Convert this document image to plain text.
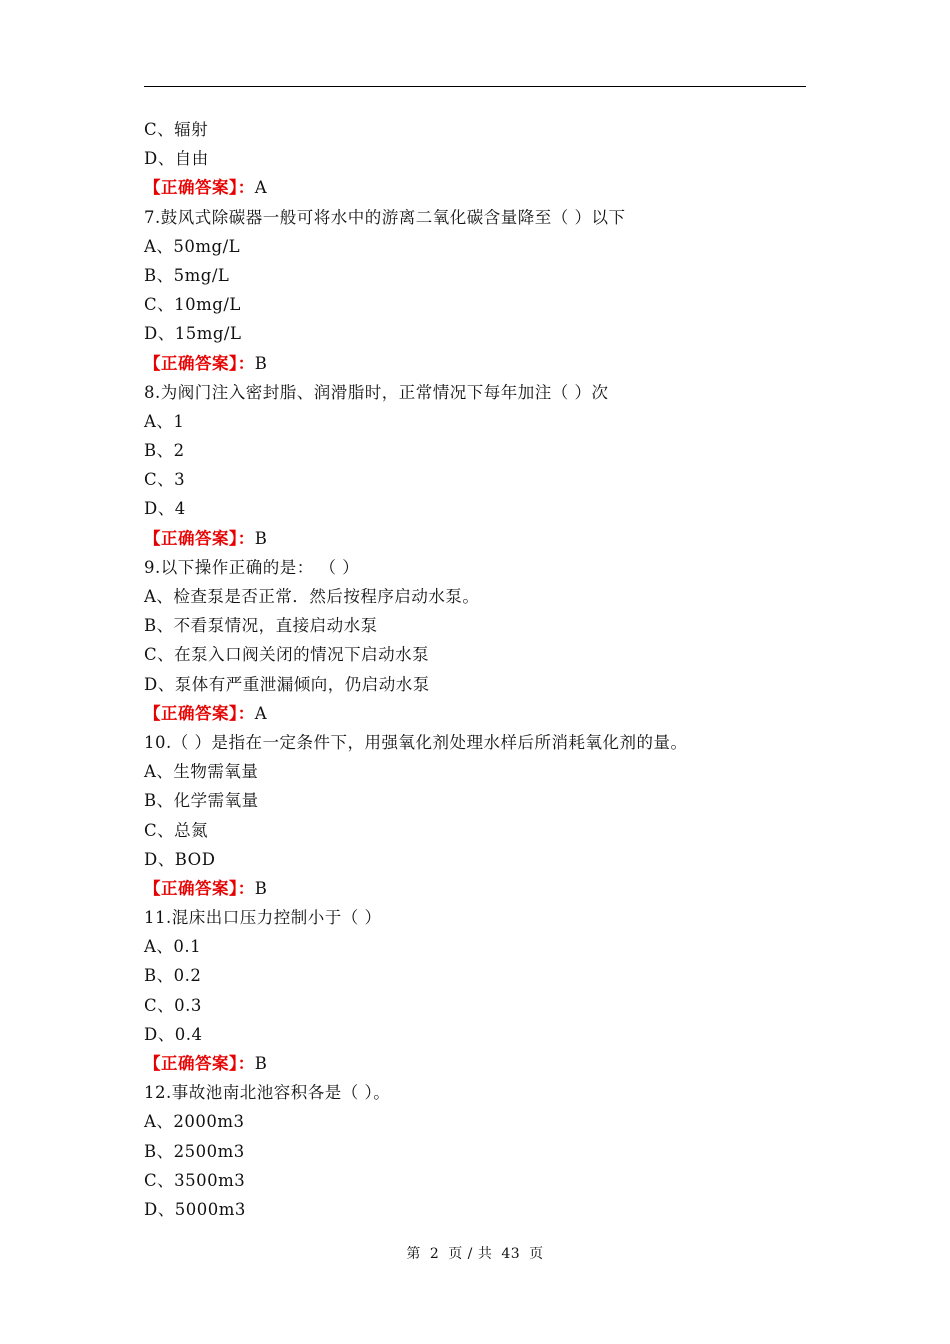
C、辐射
D、自由
【正确答案】：A
7.鼓风式除碳器一般可将水中的游离二氧化碳含量降至（ ）以下
A、50mg/L
B、5mg/L
C、10mg/L
D、15mg/L
【正确答案】：B
8.为阀门注入密封脂、润滑脂时，正常情况下每年加注（ ）次
A、1
B、2
C、3
D、4
【正确答案】：B
9.以下操作正确的是： （ ）
A、检查泵是否正常．然后按程序启动水泵。
B、不看泵情况，直接启动水泵
C、在泵入口阀关闭的情况下启动水泵
D、泵体有严重泄漏倾向，仍启动水泵
【正确答案】：A
10.（ ）是指在一定条件下，用强氧化剂处理水样后所消耗氧化剂的量。
A、生物需氧量
B、化学需氧量
C、总氮
D、BOD
【正确答案】：B
11.混床出口压力控制小于（ ）
A、0.1
B、0.2
C、0.3
D、0.4
【正确答案】：B
12.事故池南北池容积各是（ ）。
A、2000m3
B、2500m3
C、3500m3
D、5000m3
第 2 页 / 共 43 页
